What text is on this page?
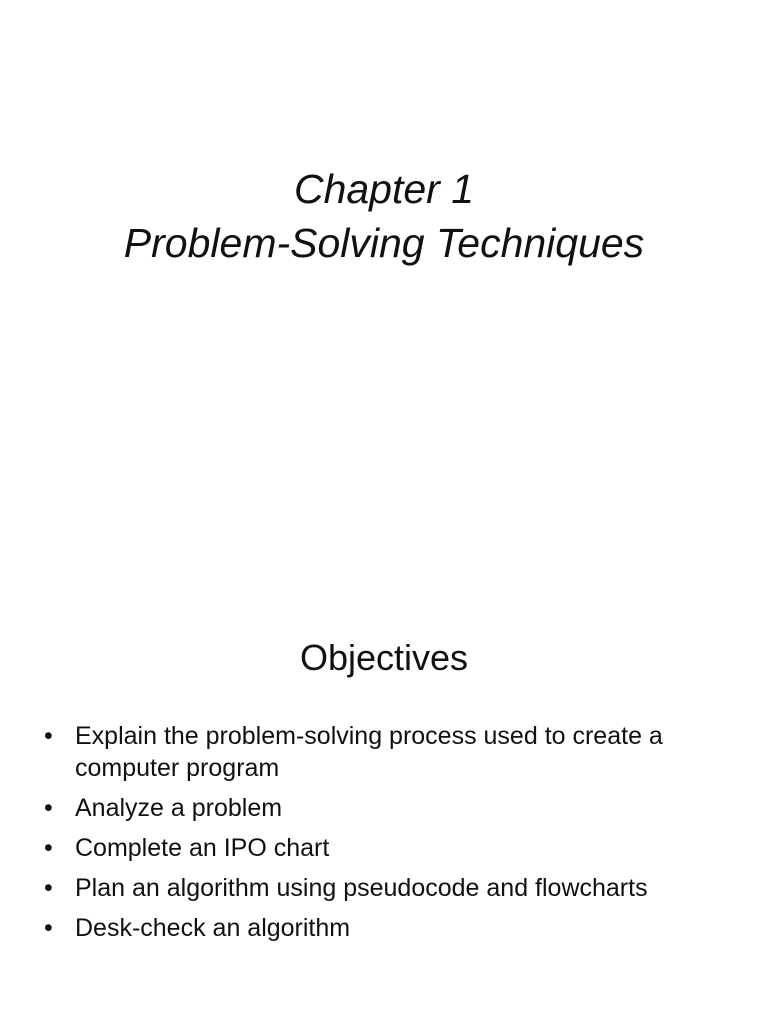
Chapter 1
Problem-Solving Techniques
Objectives
• Explain the problem-solving process used to create a computer program
• Analyze a problem
• Complete an IPO chart
• Plan an algorithm using pseudocode and flowcharts
• Desk-check an algorithm
